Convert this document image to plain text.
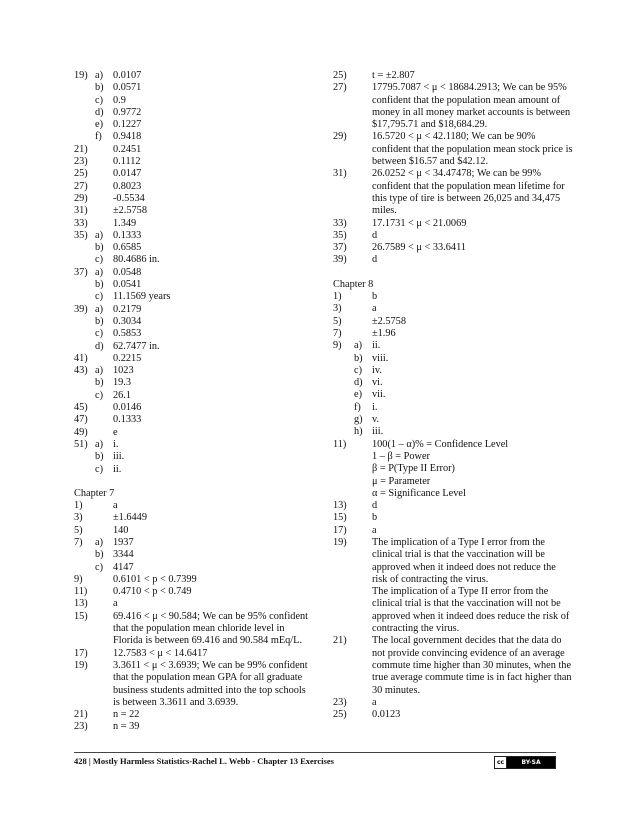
19) a) 0.0107
b) 0.0571
c) 0.9
d) 0.9772
e) 0.1227
f)	0.9418
21)	0.2451
23)	0.1112
25)	0.0147
27)	0.8023
29)	-0.5534
31)	±2.5758
33)	1.349
35) a) 0.1333
b) 0.6585
c) 80.4686 in.
37) a) 0.0548
b) 0.0541
c) 11.1569 years
39) a) 0.2179
b) 0.3034
c) 0.5853
d) 62.7477 in.
41)	0.2215
43) a) 1023
b) 19.3
c) 26.1
45)	0.0146
47)	0.1333
49)	e
51) a) i.
b) iii.
c) ii.
Chapter 7
1)	a
3)	±1.6449
5)	140
7)	a) 1937
b) 3344
c) 4147
9)	0.6101 < p < 0.7399
11)	0.4710 < p < 0.749
13)	a
15)	69.416 < μ < 90.584; We can be 95% confident that the population mean chloride level in Florida is between 69.416 and 90.584 mEq/L.
17)	12.7583 < μ < 14.6417
19)	3.3611 < μ < 3.6939; We can be 99% confident that the population mean GPA for all graduate business students admitted into the top schools is between 3.3611 and 3.6939.
21)	n = 22
23)	n = 39
25)	t = ±2.807
27)	17795.7087 < μ < 18684.2913; We can be 95% confident that the population mean amount of money in all money market accounts is between $17,795.71 and $18,684.29.
29)	16.5720 < μ < 42.1180; We can be 90% confident that the population mean stock price is between $16.57 and $42.12.
31)	26.0252 < μ < 34.47478; We can be 99% confident that the population mean lifetime for this type of tire is between 26,025 and 34,475 miles.
33)	17.1731 < μ < 21.0069
35)	d
37)	26.7589 < μ < 33.6411
39)	d
Chapter 8
1)	b
3)	a
5)	±2.5758
7)	±1.96
9)	a) ii.
b) viii.
c) iv.
d) vi.
e) vii.
f)	i.
g) v.
h) iii.
11)	100(1 – α)% = Confidence Level
1 – β = Power
β = P(Type II Error)
μ = Parameter
α = Significance Level
13)	d
15)	b
17)	a
19)	The implication of a Type I error from the clinical trial is that the vaccination will be approved when it indeed does not reduce the risk of contracting the virus.
The implication of a Type II error from the clinical trial is that the vaccination will not be approved when it indeed does reduce the risk of contracting the virus.
21)	The local government decides that the data do not provide convincing evidence of an average commute time higher than 30 minutes, when the true average commute time is in fact higher than 30 minutes.
23)	a
25)	0.0123
428 | Mostly Harmless Statistics-Rachel L. Webb - Chapter 13 Exercises	cc	BY-SA
